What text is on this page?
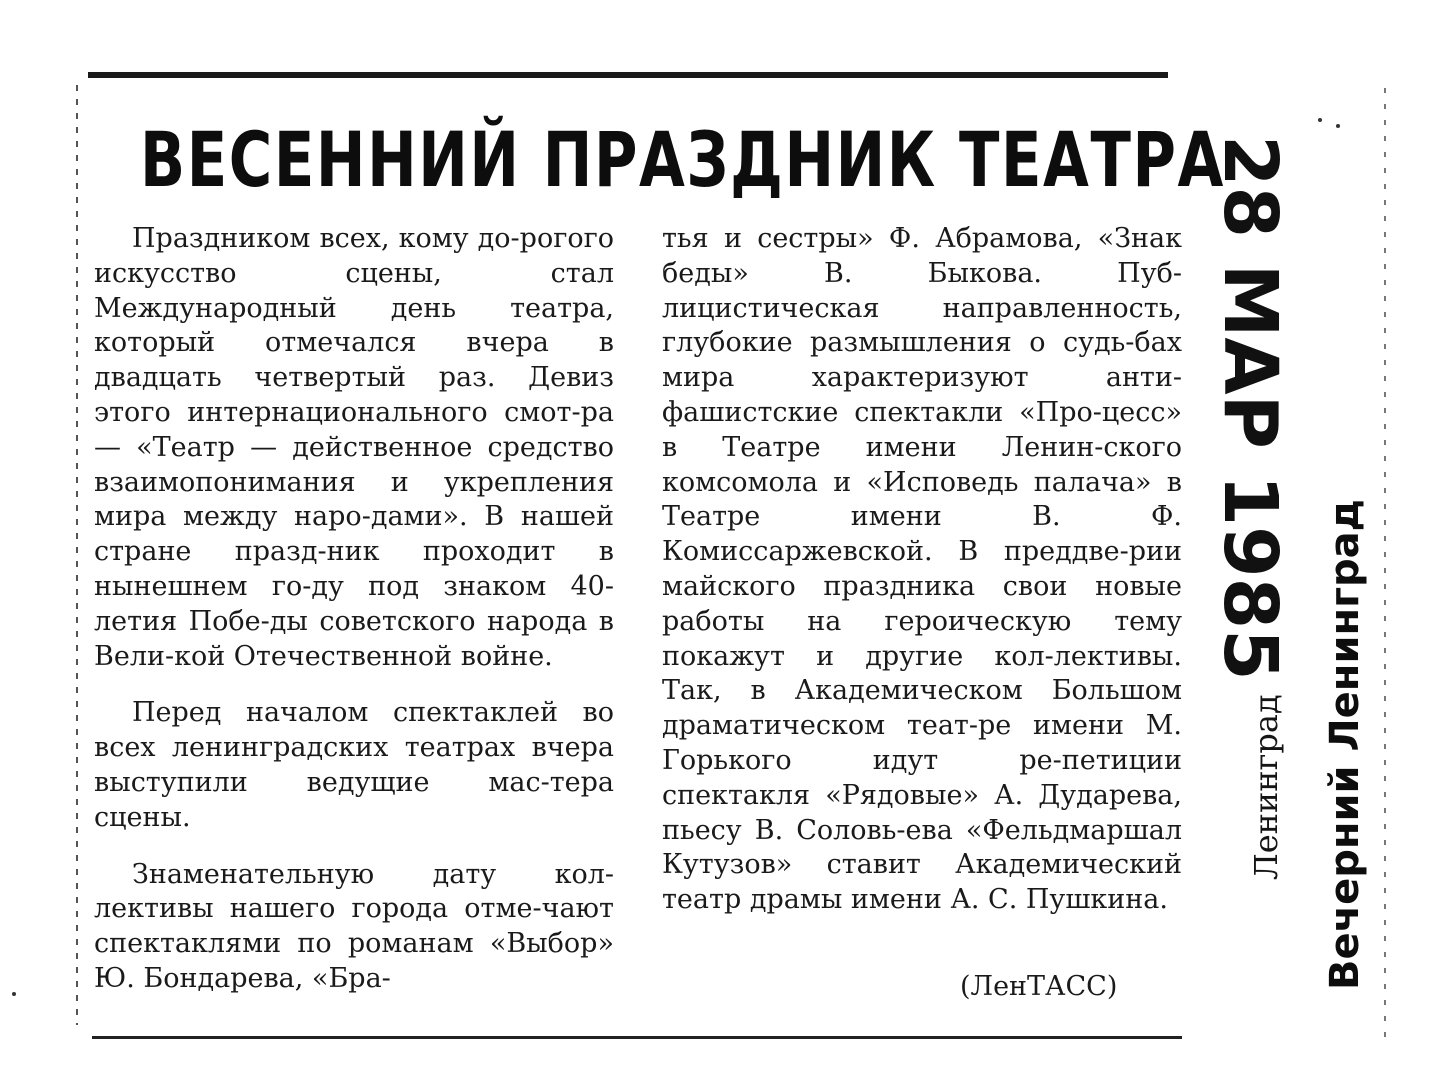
ВЕСЕННИЙ ПРАЗДНИК ТЕАТРА

Праздником всех, кому до-рогого искусство сцены, стал Международный день театра, который отмечался вчера в двадцать четвертый раз. Девиз этого интернационального смот-ра — «Театр — действенное средство взаимопонимания и укрепления мира между наро-дами». В нашей стране празд-ник проходит в нынешнем го-ду под знаком 40-летия Побе-ды советского народа в Вели-кой Отечественной войне.

Перед началом спектаклей во всех ленинградских театрах вчера выступили ведущие мас-тера сцены.

Знаменательную дату кол-лективы нашего города отме-чают спектаклями по романам «Выбор» Ю. Бондарева, «Бра-

тья и сестры» Ф. Абрамова, «Знак беды» В. Быкова. Пуб-лицистическая направленность, глубокие размышления о судь-бах мира характеризуют анти-фашистские спектакли «Про-цесс» в Театре имени Ленин-ского комсомола и «Исповедь палача» в Театре имени В. Ф. Комиссаржевской. В преддве-рии майского праздника свои новые работы на героическую тему покажут и другие кол-лективы. Так, в Академическом Большом драматическом теат-ре имени М. Горького идут ре-петиции спектакля «Рядовые» А. Дударева, пьесу В. Соловь-ева «Фельдмаршал Кутузов» ставит Академический театр драмы имени А. С. Пушкина.

(ЛенТАСС)
28 МАР 1985
Ленинград Вечерний Ленинград
